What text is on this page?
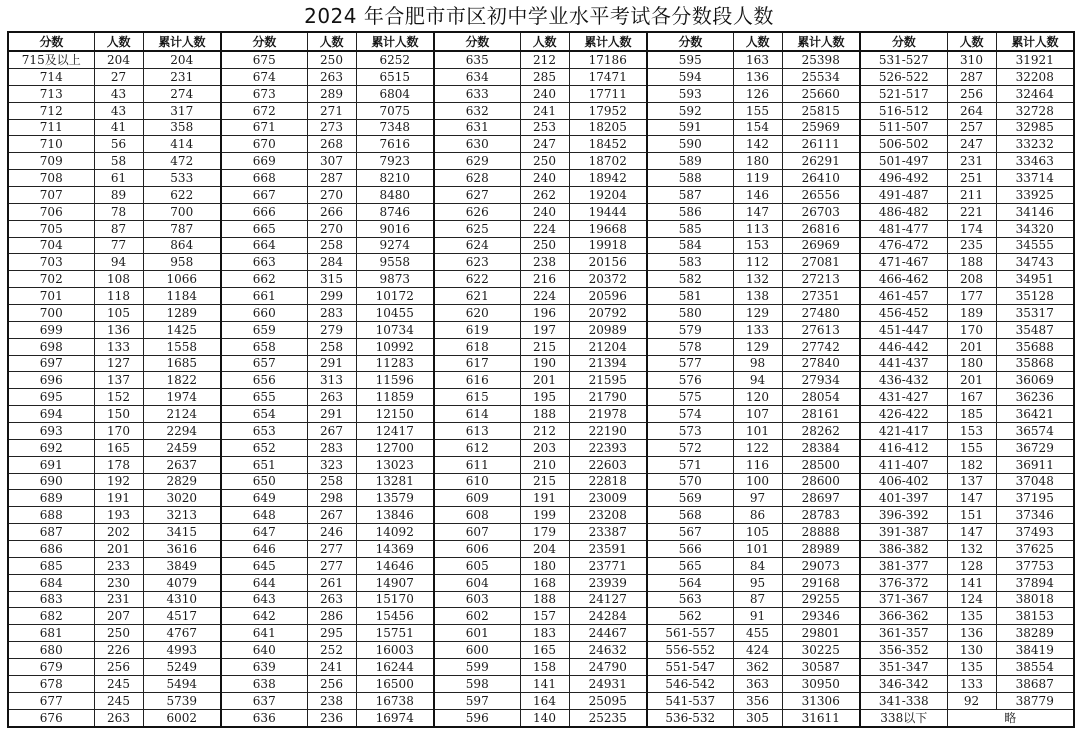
2024 年合肥市市区初中学业水平考试各分数段人数
分数	人数	累计人数	分数	人数	累计人数	分数	人数	累计人数	分数	人数	累计人数	分数	人数	累计人数
715及以上	204	204	675	250	6252	635	212	17186	595	163	25398	531-527	310	31921
714	27	231	674	263	6515	634	285	17471	594	136	25534	526-522	287	32208
713	43	274	673	289	6804	633	240	17711	593	126	25660	521-517	256	32464
712	43	317	672	271	7075	632	241	17952	592	155	25815	516-512	264	32728
711	41	358	671	273	7348	631	253	18205	591	154	25969	511-507	257	32985
710	56	414	670	268	7616	630	247	18452	590	142	26111	506-502	247	33232
709	58	472	669	307	7923	629	250	18702	589	180	26291	501-497	231	33463
708	61	533	668	287	8210	628	240	18942	588	119	26410	496-492	251	33714
707	89	622	667	270	8480	627	262	19204	587	146	26556	491-487	211	33925
706	78	700	666	266	8746	626	240	19444	586	147	26703	486-482	221	34146
705	87	787	665	270	9016	625	224	19668	585	113	26816	481-477	174	34320
704	77	864	664	258	9274	624	250	19918	584	153	26969	476-472	235	34555
703	94	958	663	284	9558	623	238	20156	583	112	27081	471-467	188	34743
702	108	1066	662	315	9873	622	216	20372	582	132	27213	466-462	208	34951
701	118	1184	661	299	10172	621	224	20596	581	138	27351	461-457	177	35128
700	105	1289	660	283	10455	620	196	20792	580	129	27480	456-452	189	35317
699	136	1425	659	279	10734	619	197	20989	579	133	27613	451-447	170	35487
698	133	1558	658	258	10992	618	215	21204	578	129	27742	446-442	201	35688
697	127	1685	657	291	11283	617	190	21394	577	98	27840	441-437	180	35868
696	137	1822	656	313	11596	616	201	21595	576	94	27934	436-432	201	36069
695	152	1974	655	263	11859	615	195	21790	575	120	28054	431-427	167	36236
694	150	2124	654	291	12150	614	188	21978	574	107	28161	426-422	185	36421
693	170	2294	653	267	12417	613	212	22190	573	101	28262	421-417	153	36574
692	165	2459	652	283	12700	612	203	22393	572	122	28384	416-412	155	36729
691	178	2637	651	323	13023	611	210	22603	571	116	28500	411-407	182	36911
690	192	2829	650	258	13281	610	215	22818	570	100	28600	406-402	137	37048
689	191	3020	649	298	13579	609	191	23009	569	97	28697	401-397	147	37195
688	193	3213	648	267	13846	608	199	23208	568	86	28783	396-392	151	37346
687	202	3415	647	246	14092	607	179	23387	567	105	28888	391-387	147	37493
686	201	3616	646	277	14369	606	204	23591	566	101	28989	386-382	132	37625
685	233	3849	645	277	14646	605	180	23771	565	84	29073	381-377	128	37753
684	230	4079	644	261	14907	604	168	23939	564	95	29168	376-372	141	37894
683	231	4310	643	263	15170	603	188	24127	563	87	29255	371-367	124	38018
682	207	4517	642	286	15456	602	157	24284	562	91	29346	366-362	135	38153
681	250	4767	641	295	15751	601	183	24467	561-557	455	29801	361-357	136	38289
680	226	4993	640	252	16003	600	165	24632	556-552	424	30225	356-352	130	38419
679	256	5249	639	241	16244	599	158	24790	551-547	362	30587	351-347	135	38554
678	245	5494	638	256	16500	598	141	24931	546-542	363	30950	346-342	133	38687
677	245	5739	637	238	16738	597	164	25095	541-537	356	31306	341-338	92	38779
676	263	6002	636	236	16974	596	140	25235	536-532	305	31611	338以下	略	
